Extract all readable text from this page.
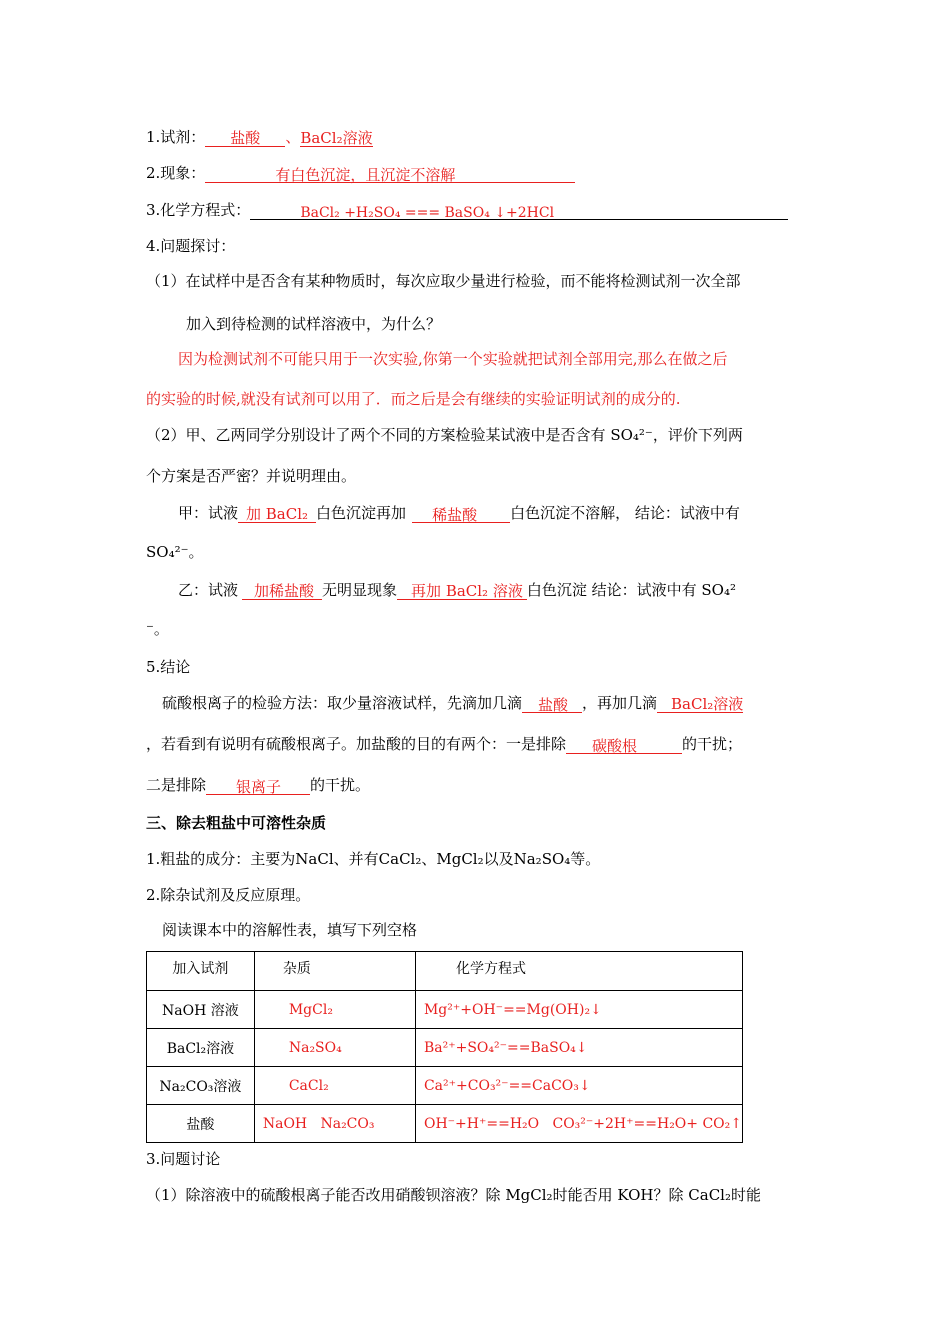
1.试剂： 盐酸 、BaCl₂溶液
2.现象：	有白色沉淀，且沉淀不溶解
3.化学方程式：	BaCl₂ +H₂SO₄ === BaSO₄ ↓+2HCl
4.问题探讨：
（1）在试样中是否含有某种物质时，每次应取少量进行检验，而不能将检测试剂一次全部
加入到待检测的试样溶液中，为什么？
因为检测试剂不可能只用于一次实验,你第一个实验就把试剂全部用完,那么在做之后
的实验的时候,就没有试剂可以用了．而之后是会有继续的实验证明试剂的成分的.
（2）甲、乙两同学分别设计了两个不同的方案检验某试液中是否含有 SO₄²⁻，评价下列两
个方案是否严密？并说明理由。
甲：试液 加 BaCl₂ 白色沉淀再加 稀盐酸 白色沉淀不溶解， 结论：试液中有
SO₄²⁻。
乙：试液 加稀盐酸 无明显现象 再加 BaCl₂ 溶液 白色沉淀 结论：试液中有 SO₄²
⁻。
5.结论
硫酸根离子的检验方法：取少量溶液试样，先滴加几滴 盐酸 ，再加几滴 BaCl₂溶液
，若看到有说明有硫酸根离子。加盐酸的目的有两个：一是排除 碳酸根	的干扰；
二是排除 银离子 的干扰。
三、除去粗盐中可溶性杂质
1.粗盐的成分：主要为NaCl、并有CaCl₂、MgCl₂以及Na₂SO₄等。
2.除杂试剂及反应原理。
阅读课本中的溶解性表，填写下列空格
加入试剂	杂质	化学方程式
NaOH 溶液	MgCl₂	Mg²⁺+OH⁻==Mg(OH)₂↓
BaCl₂溶液	Na₂SO₄	Ba²⁺+SO₄²⁻==BaSO₄↓
Na₂CO₃溶液	CaCl₂	Ca²⁺+CO₃²⁻==CaCO₃↓
盐酸	NaOH   Na₂CO₃	OH⁻+H⁺==H₂O   CO₃²⁻+2H⁺==H₂O+ CO₂↑
3.问题讨论
（1）除溶液中的硫酸根离子能否改用硝酸钡溶液？除 MgCl₂时能否用 KOH？除 CaCl₂时能
